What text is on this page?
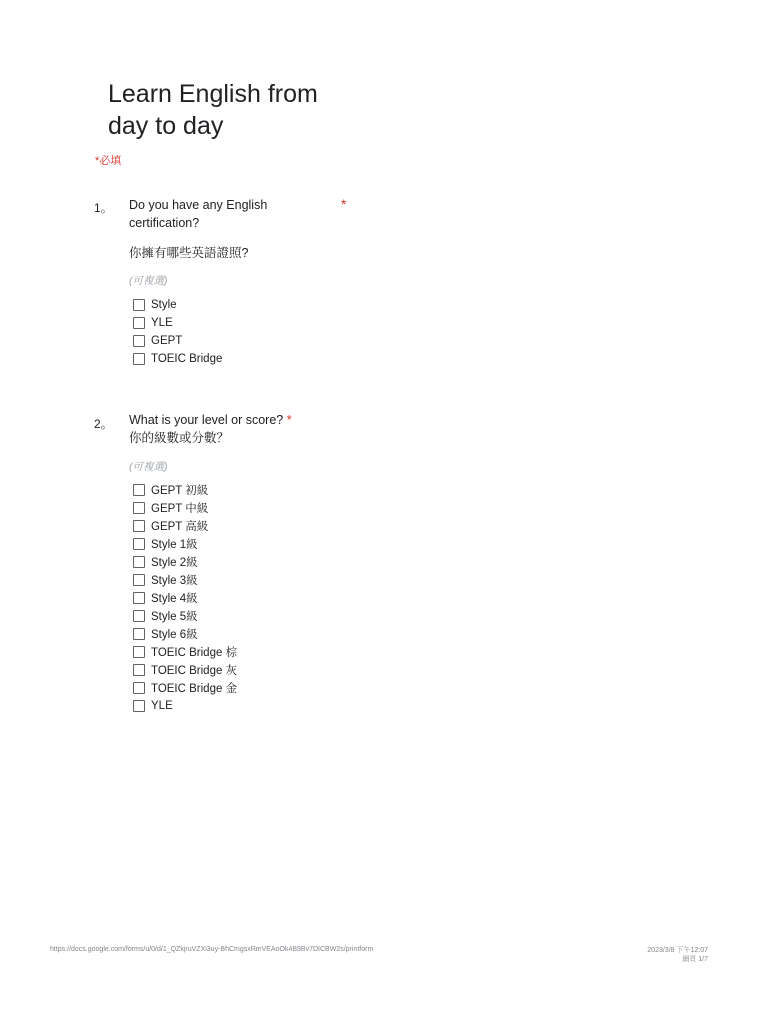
Learn English from day to day
*必填
1。 Do you have any English certification?
*
你擁有哪些英語證照?
(可複選)
Style
YLE
GEPT
TOEIC Bridge
2。 What is your level or score? *
你的級數或分數？
(可複選)
GEPT 初級
GEPT 中級
GEPT 高級
Style 1級
Style 2級
Style 3級
Style 4級
Style 5級
Style 6級
TOEIC Bridge 棕
TOEIC Bridge 灰
TOEIC Bridge 金
YLE
https://docs.google.com/forms/u/0/d/1_QZkjruVZXi3uy-BhCmgsxRmVEAoOk4B9Bv7DICBW2s/printform	2023/3/8 下午12:07
網頁 1/7
